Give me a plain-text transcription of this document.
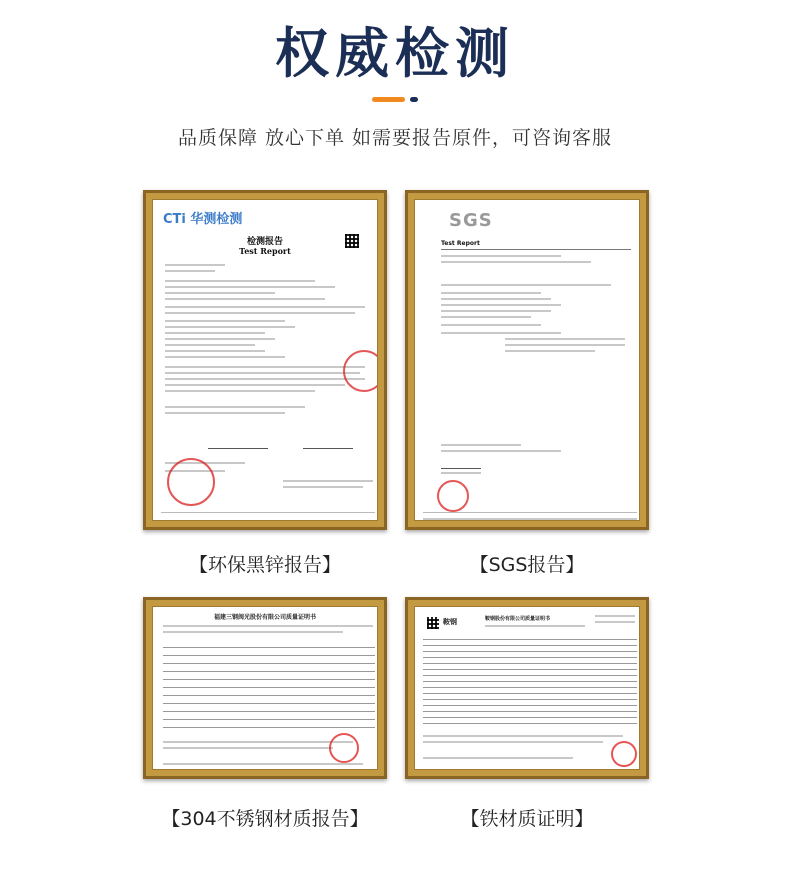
权威检测
品质保障 放心下单 如需要报告原件，可咨询客服
CTi 华测检测
检测报告
Test Report
【环保黑锌报告】
SGS
Test Report
【SGS报告】
福建三钢闽光股份有限公司质量证明书
【304不锈钢材质报告】
鞍钢	鞍钢股份有限公司质量证明书
【铁材质证明】
